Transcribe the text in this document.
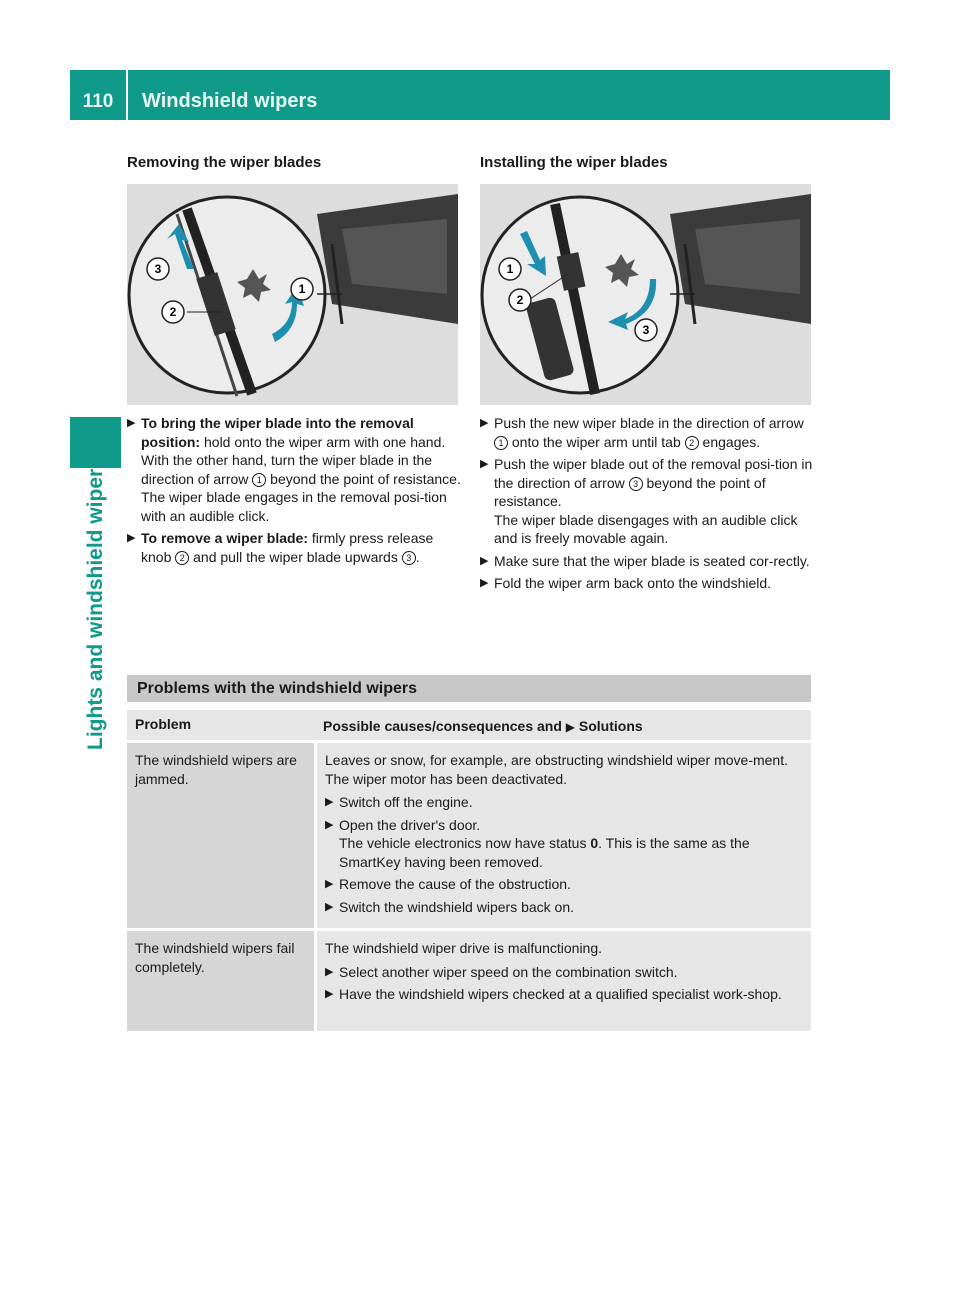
110	Windshield wipers
Lights and windshield wipers
Removing the wiper blades
1
2
3
▶ To bring the wiper blade into the removal position: hold onto the wiper arm with one hand. With the other hand, turn the wiper blade in the direction of arrow 1 beyond the point of resistance.
The wiper blade engages in the removal posi-tion with an audible click.
▶ To remove a wiper blade: firmly press release knob 2 and pull the wiper blade upwards 3 .
Installing the wiper blades
1
2
3
▶ Push the new wiper blade in the direction of arrow 1 onto the wiper arm until tab 2 engages.
▶ Push the wiper blade out of the removal posi-tion in the direction of arrow 3 beyond the point of resistance.
The wiper blade disengages with an audible click and is freely movable again.
▶ Make sure that the wiper blade is seated cor-rectly.
▶ Fold the wiper arm back onto the windshield.
Problems with the windshield wipers
Problem	Possible causes/consequences and ▶ Solutions
The windshield wipers are jammed.

Leaves or snow, for example, are obstructing windshield wiper move-ment. The wiper motor has been deactivated.

▶ Switch off the engine.
▶ Open the driver's door.
The vehicle electronics now have status 0. This is the same as the SmartKey having been removed.
▶ Remove the cause of the obstruction.
▶ Switch the windshield wipers back on.
The windshield wipers fail completely.

The windshield wiper drive is malfunctioning.

▶ Select another wiper speed on the combination switch.
▶ Have the windshield wipers checked at a qualified specialist work-shop.
